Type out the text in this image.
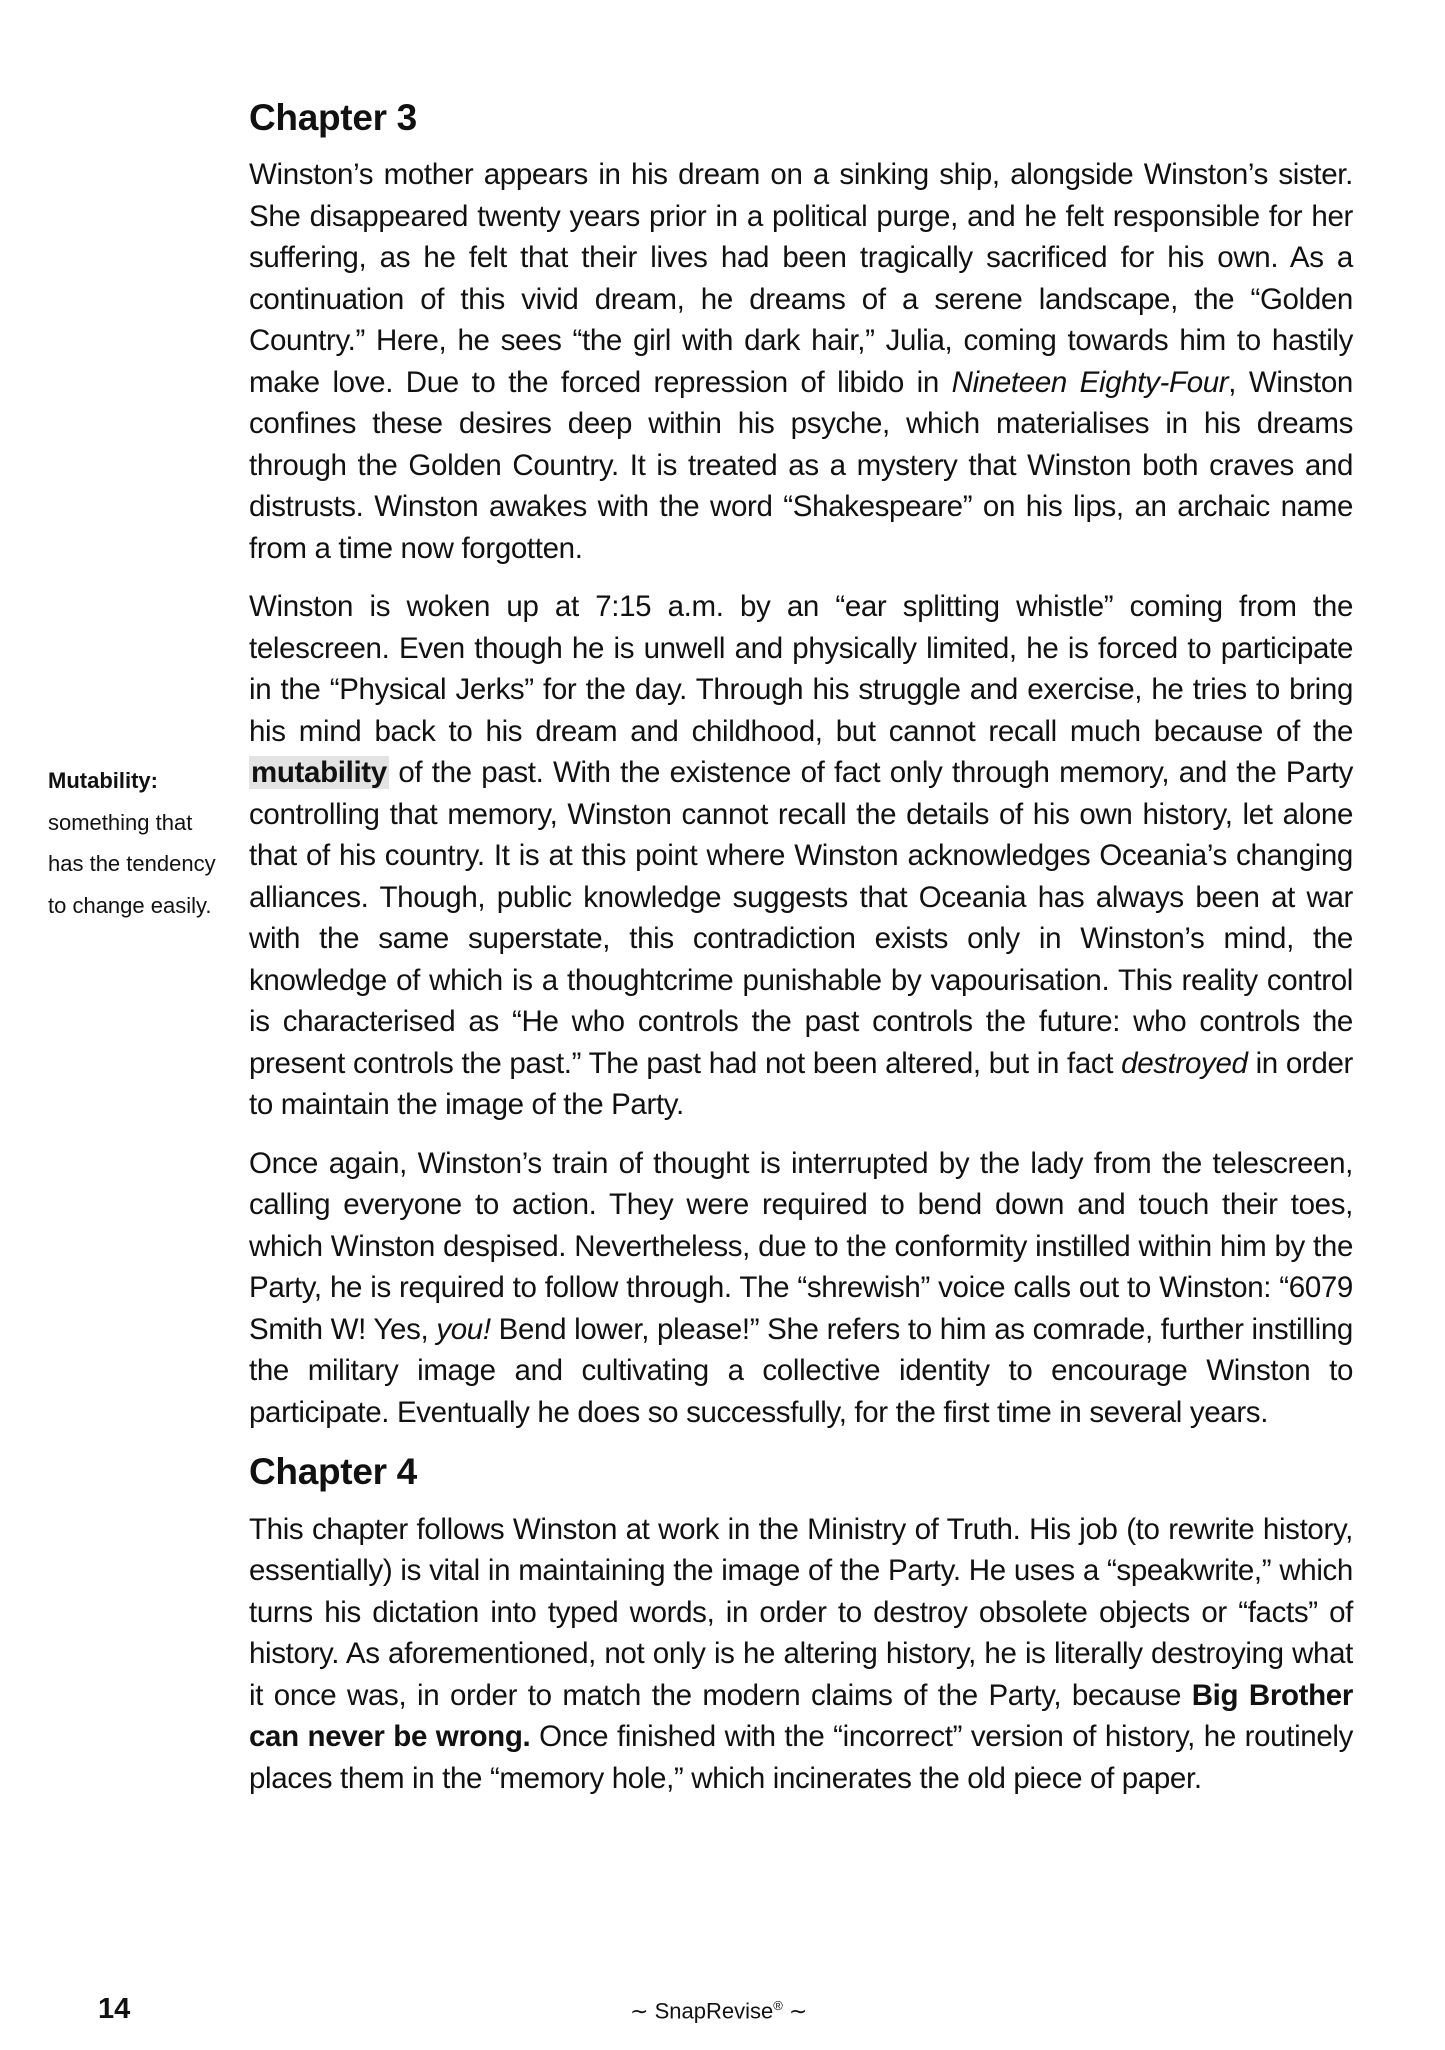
Chapter 3

Winston’s mother appears in his dream on a sinking ship, alongside Winston’s sister. She disappeared twenty years prior in a political purge, and he felt responsible for her suffering, as he felt that their lives had been tragically sacrificed for his own. As a continuation of this vivid dream, he dreams of a serene landscape, the “Golden Country.” Here, he sees “the girl with dark hair,” Julia, coming towards him to hastily make love. Due to the forced repression of libido in Nineteen Eighty-Four, Winston confines these desires deep within his psyche, which materialises in his dreams through the Golden Country. It is treated as a mystery that Winston both craves and distrusts. Winston awakes with the word “Shakespeare” on his lips, an archaic name from a time now forgotten.

Winston is woken up at 7:15 a.m. by an “ear splitting whistle” coming from the telescreen. Even though he is unwell and physically limited, he is forced to participate in the “Physical Jerks” for the day. Through his struggle and exercise, he tries to bring his mind back to his dream and childhood, but cannot recall much because of the mutability of the past. With the existence of fact only through memory, and the Party controlling that memory, Winston cannot recall the details of his own history, let alone that of his country. It is at this point where Winston acknowledges Oceania’s changing alliances. Though, public knowledge suggests that Oceania has always been at war with the same superstate, this contradiction exists only in Winston’s mind, the knowledge of which is a thoughtcrime punishable by vapourisation. This reality control is characterised as “He who controls the past controls the future: who controls the present controls the past.” The past had not been altered, but in fact destroyed in order to maintain the image of the Party.

Once again, Winston’s train of thought is interrupted by the lady from the telescreen, calling everyone to action. They were required to bend down and touch their toes, which Winston despised. Nevertheless, due to the conformity instilled within him by the Party, he is required to follow through. The “shrewish” voice calls out to Winston: “6079 Smith W! Yes, you! Bend lower, please!” She refers to him as comrade, further instilling the military image and cultivating a collective identity to encourage Winston to participate. Eventually he does so successfully, for the first time in several years.

Chapter 4

This chapter follows Winston at work in the Ministry of Truth. His job (to rewrite history, essentially) is vital in maintaining the image of the Party. He uses a “speakwrite,” which turns his dictation into typed words, in order to destroy obsolete objects or “facts” of history. As aforementioned, not only is he altering history, he is literally destroying what it once was, in order to match the modern claims of the Party, because Big Brother can never be wrong. Once finished with the “incorrect” version of history, he routinely places them in the “memory hole,” which incinerates the old piece of paper.

Mutability:
something that has the tendency to change easily.
14	∼ SnapRevise® ∼
